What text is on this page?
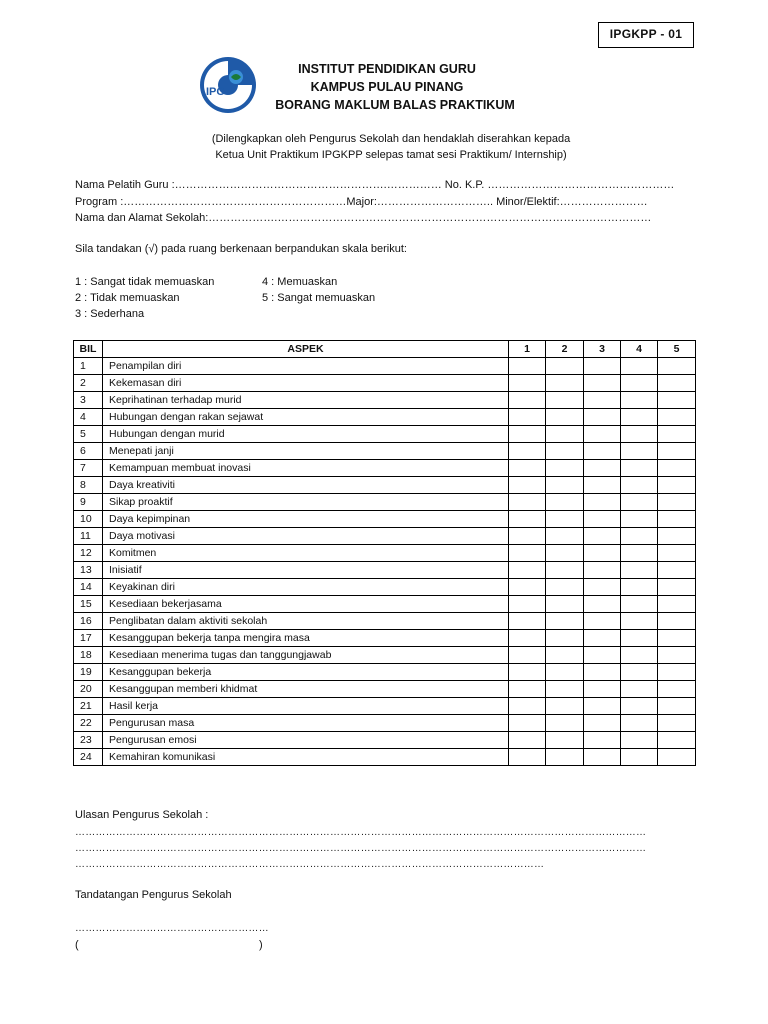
IPGKPP - 01
IPG
INSTITUT PENDIDIKAN GURU
KAMPUS PULAU PINANG
BORANG MAKLUM BALAS PRAKTIKUM
(Dilengkapkan oleh Pengurus Sekolah dan hendaklah diserahkan kepada
Ketua Unit Praktikum IPGKPP selepas tamat sesi Praktikum/ Internship)
Nama Pelatih Guru :………………………………………………….…………… No. K.P. ……………………………………………
Program :…………………………….………………………Major:………………………….. Minor/Elektif:……………………
Nama dan Alamat Sekolah:……………….…………………………………………………………………………………………
Sila tandakan (√) pada ruang berkenaan berpandukan skala berikut:
1 : Sangat tidak memuaskan
2 : Tidak memuaskan
3 : Sederhana
4 : Memuaskan
5 : Sangat memuaskan
BIL	ASPEK	1	2	3	4	5
1	Penampilan diri					
2	Kekemasan diri					
3	Keprihatinan terhadap murid					
4	Hubungan dengan rakan sejawat					
5	Hubungan dengan murid					
6	Menepati janji					
7	Kemampuan membuat inovasi					
8	Daya kreativiti					
9	Sikap proaktif					
10	Daya kepimpinan					
11	Daya motivasi					
12	Komitmen					
13	Inisiatif					
14	Keyakinan diri					
15	Kesediaan bekerjasama					
16	Penglibatan dalam aktiviti sekolah					
17	Kesanggupan bekerja tanpa mengira masa					
18	Kesediaan menerima tugas dan tanggungjawab					
19	Kesanggupan bekerja					
20	Kesanggupan memberi khidmat					
21	Hasil kerja					
22	Pengurusan masa					
23	Pengurusan emosi					
24	Kemahiran komunikasi					
Ulasan Pengurus Sekolah :
……………………………………………………………………………………………………………………………………………………
……………………………………………………………………………………………………………………………………………………
…………………………………………………………………………………………………………………………
Tandatangan Pengurus Sekolah
…………………………………………………
(	)
